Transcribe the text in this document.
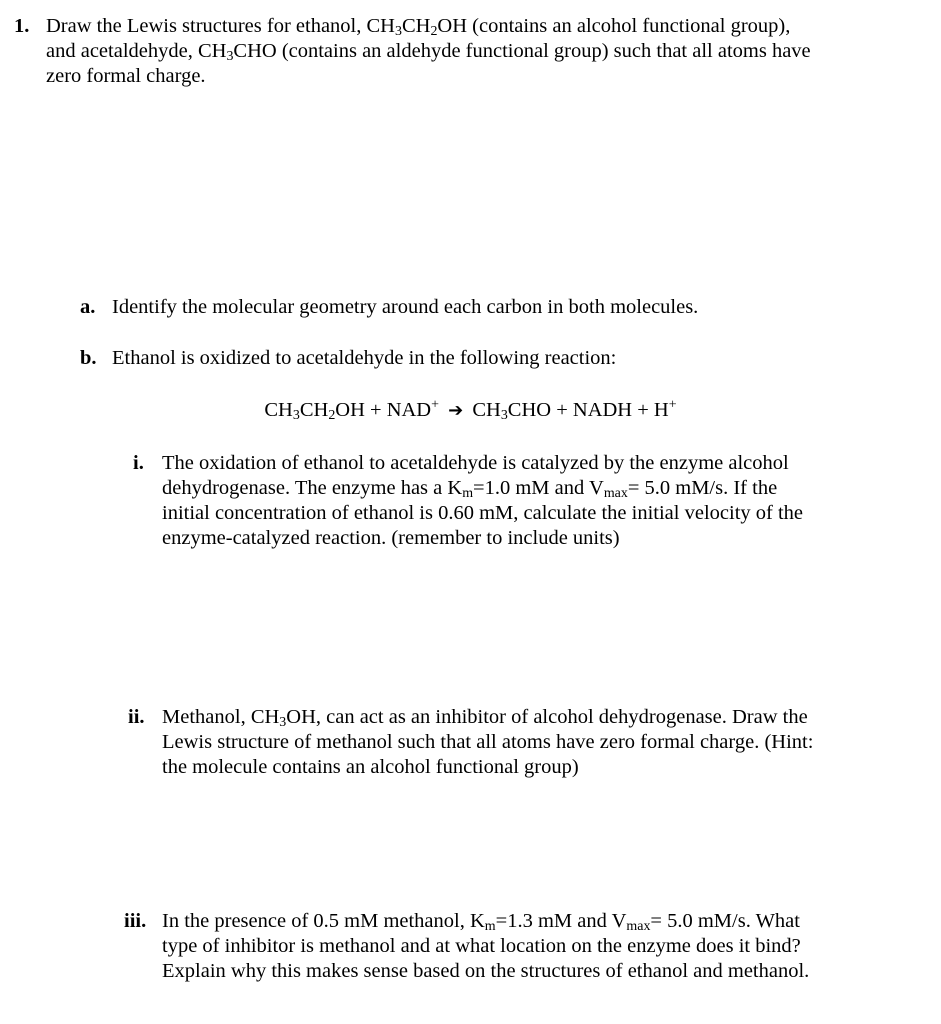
1. Draw the Lewis structures for ethanol, $CH_3CH_2OH$ (contains an alcohol functional group),
and acetaldehyde, $CH_3CHO$ (contains an aldehyde functional group) such that all atoms have
zero formal charge.
a. Identify the molecular geometry around each carbon in both molecules.
b. Ethanol is oxidized to acetaldehyde in the following reaction:
$CH_3CH_2OH + NAD^+$ ➔ $CH_3CHO$ + NADH + H+
i. The oxidation of ethanol to acetaldehyde is catalyzed by the enzyme alcohol
dehydrogenase. The enzyme has a $K_m=1.0$ mM and $V_{max}= 5.0$ mM/s. If the
initial concentration of ethanol is 0.60 mM, calculate the initial velocity of the
enzyme-catalyzed reaction. (remember to include units)
ii. Methanol, $CH_3OH$, can act as an inhibitor of alcohol dehydrogenase. Draw the
Lewis structure of methanol such that all atoms have zero formal charge. (Hint:
the molecule contains an alcohol functional group)
iii. In the presence of 0.5 mM methanol, $K_m=1.3$ mM and $V_{max}= 5.0$ mM/s. What
type of inhibitor is methanol and at what location on the enzyme does it bind?
Explain why this makes sense based on the structures of ethanol and methanol.
